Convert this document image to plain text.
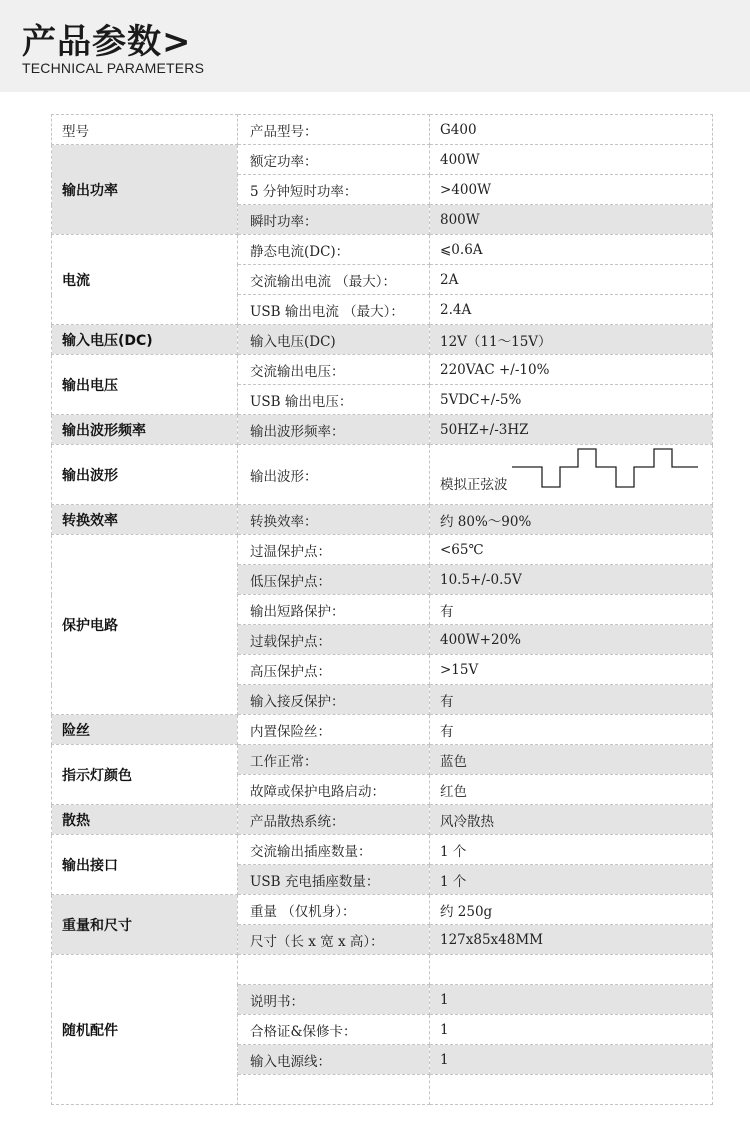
产品参数>
TECHNICAL PARAMETERS
型号	产品型号：	G400
输出功率	额定功率：	400W
	5 分钟短时功率：	>400W
	瞬时功率：	800W
电流	静态电流(DC)：	⩽0.6A
	交流输出电流 （最大）：	2A
	USB 输出电流 （最大）：	2.4A
输入电压(DC)	输入电压(DC)	12V（11～15V）
输出电压	交流输出电压：	220VAC +/-10%
	USB 输出电压：	5VDC+/-5%
输出波形频率	输出波形频率：	50HZ+/-3HZ
输出波形	输出波形：	模拟正弦波

转换效率	转换效率：	约 80%～90%
保护电路	过温保护点：	<65℃
	低压保护点：	10.5+/-0.5V
	输出短路保护：	有
	过载保护点：	400W+20%
	高压保护点：	>15V
	输入接反保护：	有
险丝	内置保险丝：	有
指示灯颜色	工作正常：	蓝色
	故障或保护电路启动：	红色
散热	产品散热系统：	风冷散热
输出接口	交流输出插座数量：	1 个
	USB 充电插座数量：	1 个
重量和尺寸	重量 （仅机身）：	约 250g
	尺寸（长 x 宽 x 高）：	127x85x48MM
随机配件		
	说明书：	1
	合格证&保修卡：	1
	输入电源线：	1
